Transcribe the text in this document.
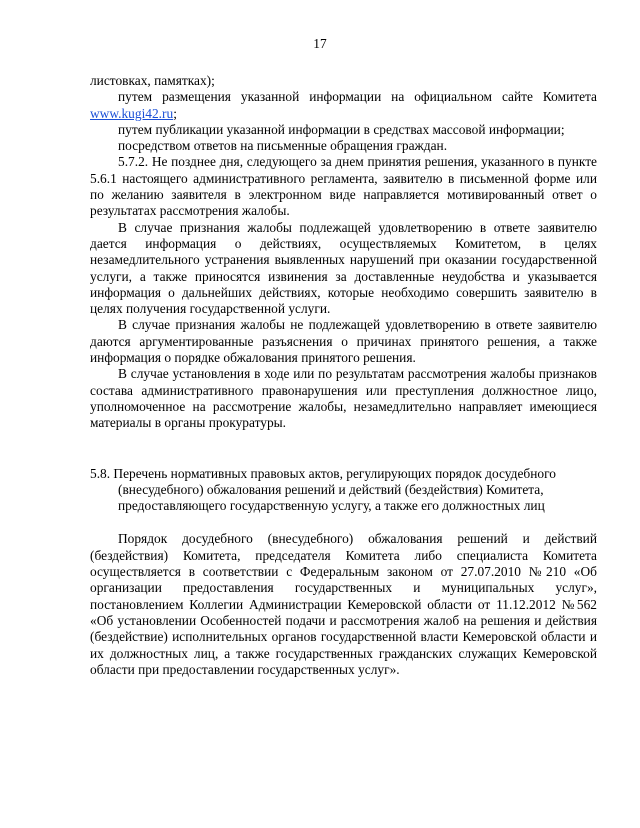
17

листовках, памятках);

путем размещения указанной информации на официальном сайте Комитета www.kugi42.ru;

путем публикации указанной информации в средствах массовой информации;

посредством ответов на письменные обращения граждан.

5.7.2. Не позднее дня, следующего за днем принятия решения, указанного в пункте 5.6.1 настоящего административного регламента, заявителю в письменной форме или по желанию заявителя в электронном виде направляется мотивированный ответ о результатах рассмотрения жалобы.

В случае признания жалобы подлежащей удовлетворению в ответе заявителю дается информация о действиях, осуществляемых Комитетом, в целях незамедлительного устранения выявленных нарушений при оказании государственной услуги, а также приносятся извинения за доставленные неудобства и указывается информация о дальнейших действиях, которые необходимо совершить заявителю в целях получения государственной услуги.

В случае признания жалобы не подлежащей удовлетворению в ответе заявителю даются аргументированные разъяснения о причинах принятого решения, а также информация о порядке обжалования принятого решения.

В случае установления в ходе или по результатам рассмотрения жалобы признаков состава административного правонарушения или преступления должностное лицо, уполномоченное на рассмотрение жалобы, незамедлительно направляет имеющиеся материалы в органы прокуратуры.

5.8. Перечень нормативных правовых актов, регулирующих порядок досудебного (внесудебного) обжалования решений и действий (бездействия) Комитета, предоставляющего государственную услугу, а также его должностных лиц

Порядок досудебного (внесудебного) обжалования решений и действий (бездействия) Комитета, председателя Комитета либо специалиста Комитета осуществляется в соответствии с Федеральным законом от 27.07.2010 №210 «Об организации предоставления государственных и муниципальных услуг», постановлением Коллегии Администрации Кемеровской области от 11.12.2012 №562 «Об установлении Особенностей подачи и рассмотрения жалоб на решения и действия (бездействие) исполнительных органов государственной власти Кемеровской области и их должностных лиц, а также государственных гражданских служащих Кемеровской области при предоставлении государственных услуг».
